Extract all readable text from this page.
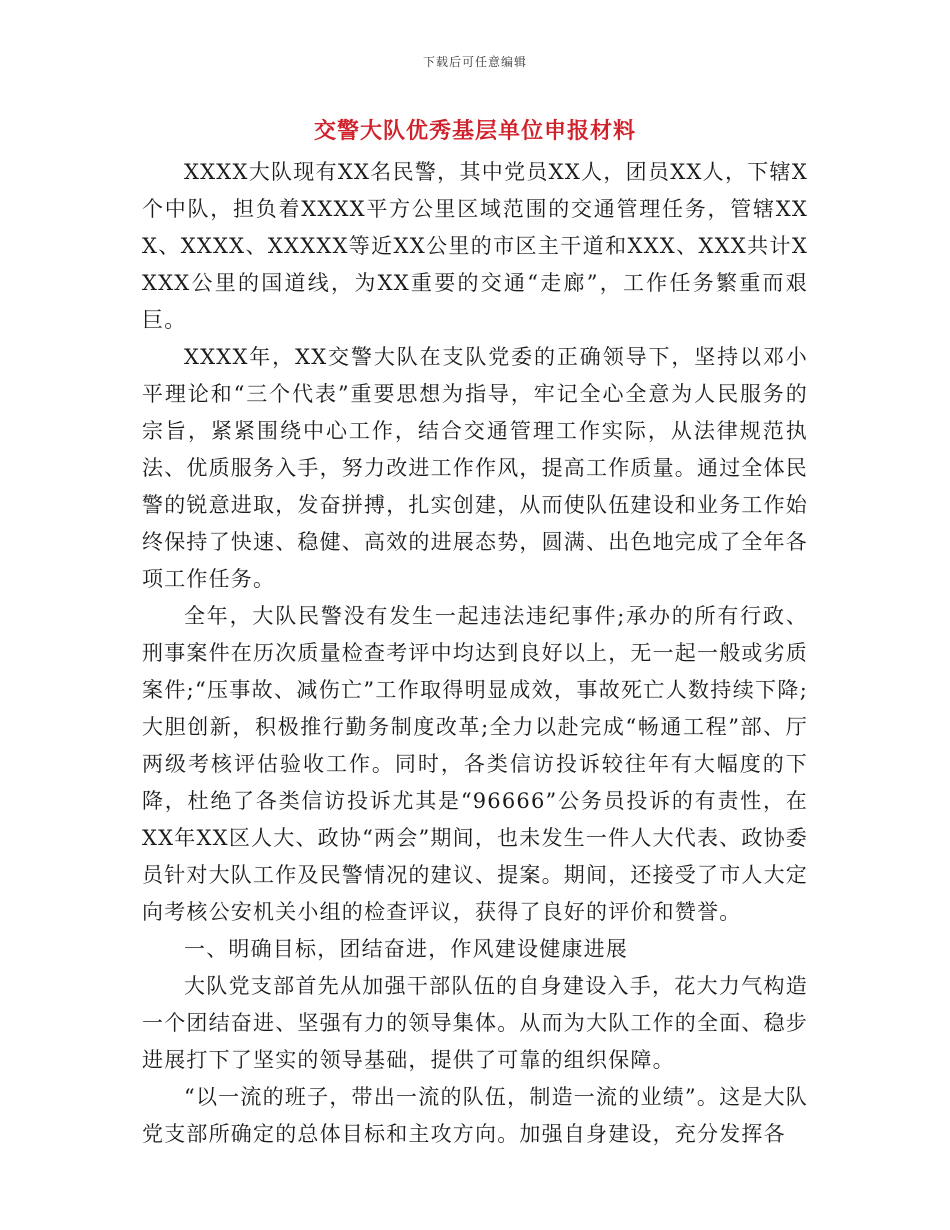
下载后可任意编辑
交警大队优秀基层单位申报材料

XXXX大队现有XX名民警，其中党员XX人，团员XX人，下辖X个中队，担负着XXXX平方公里区域范围的交通管理任务，管辖XXX、XXXX、XXXXX等近XX公里的市区主干道和XXX、XXX共计XXXX公里的国道线，为XX重要的交通“走廊”，工作任务繁重而艰巨。

XXXX年，XX交警大队在支队党委的正确领导下，坚持以邓小平理论和“三个代表”重要思想为指导，牢记全心全意为人民服务的宗旨，紧紧围绕中心工作，结合交通管理工作实际，从法律规范执法、优质服务入手，努力改进工作作风，提高工作质量。通过全体民警的锐意进取，发奋拼搏，扎实创建，从而使队伍建设和业务工作始终保持了快速、稳健、高效的进展态势，圆满、出色地完成了全年各项工作任务。

全年，大队民警没有发生一起违法违纪事件;承办的所有行政、刑事案件在历次质量检查考评中均达到良好以上，无一起一般或劣质案件;“压事故、减伤亡”工作取得明显成效，事故死亡人数持续下降;大胆创新，积极推行勤务制度改革;全力以赴完成“畅通工程”部、厅两级考核评估验收工作。同时，各类信访投诉较往年有大幅度的下降，杜绝了各类信访投诉尤其是“96666”公务员投诉的有责性，在XX年XX区人大、政协“两会”期间，也未发生一件人大代表、政协委员针对大队工作及民警情况的建议、提案。期间，还接受了市人大定向考核公安机关小组的检查评议，获得了良好的评价和赞誉。

一、明确目标，团结奋进，作风建设健康进展

大队党支部首先从加强干部队伍的自身建设入手，花大力气构造一个团结奋进、坚强有力的领导集体。从而为大队工作的全面、稳步进展打下了坚实的领导基础，提供了可靠的组织保障。

“以一流的班子，带出一流的队伍，制造一流的业绩”。这是大队党支部所确定的总体目标和主攻方向。加强自身建设，充分发挥各
